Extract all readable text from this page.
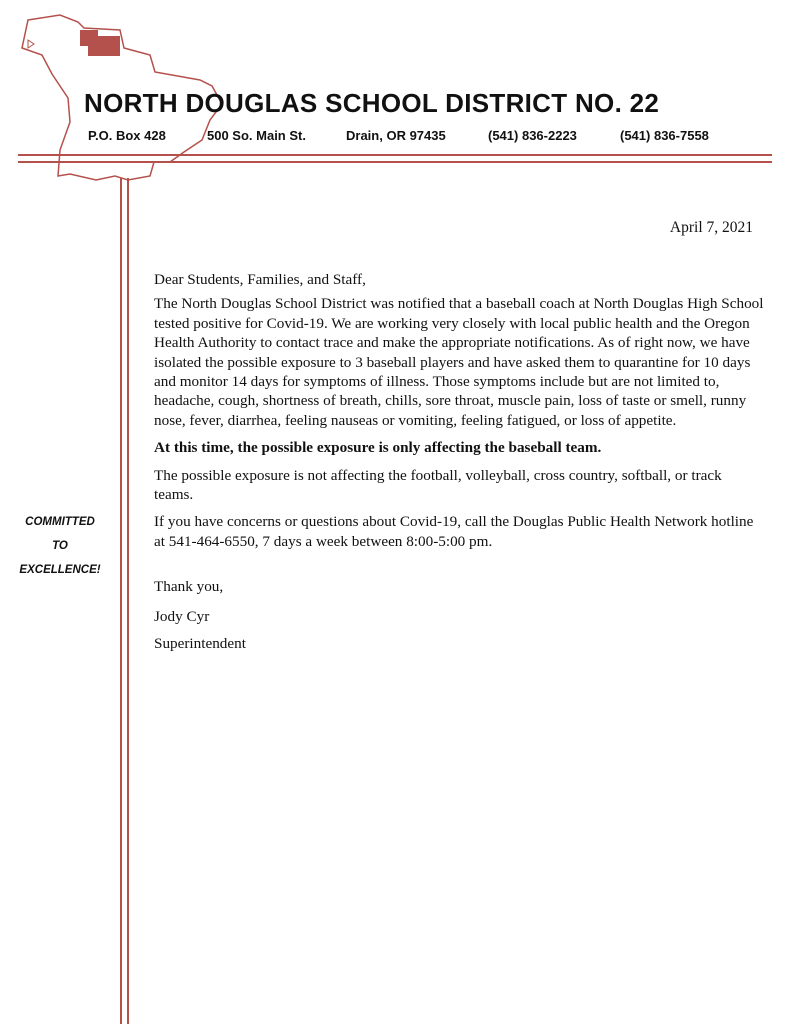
NORTH DOUGLAS SCHOOL DISTRICT NO. 22
P.O. Box 428	500 So. Main St.	Drain, OR 97435	(541) 836-2223	(541) 836-7558
COMMITTED
TO
EXCELLENCE!
April 7, 2021

Dear Students, Families, and Staff,

The North Douglas School District was notified that a baseball coach at North Douglas High School tested positive for Covid-19. We are working very closely with local public health and the Oregon Health Authority to contact trace and make the appropriate notifications. As of right now, we have isolated the possible exposure to 3 baseball players and have asked them to quarantine for 10 days and monitor 14 days for symptoms of illness. Those symptoms include but are not limited to, headache, cough, shortness of breath, chills, sore throat, muscle pain, loss of taste or smell, runny nose, fever, diarrhea, feeling nauseas or vomiting, feeling fatigued, or loss of appetite.

At this time, the possible exposure is only affecting the baseball team.

The possible exposure is not affecting the football, volleyball, cross country, softball, or track teams.

If you have concerns or questions about Covid-19, call the Douglas Public Health Network hotline at 541-464-6550, 7 days a week between 8:00-5:00 pm.

Thank you,

Jody Cyr

Superintendent
